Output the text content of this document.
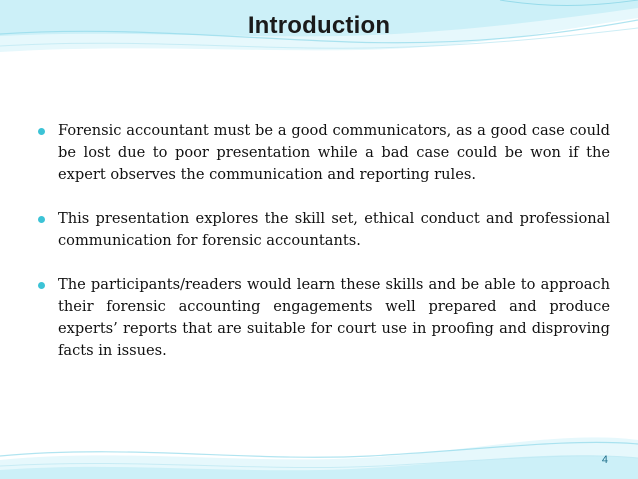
Introduction
Forensic accountant must be a good communicators, as a good case could be lost due to poor presentation while a bad case could be won if the expert observes the communication and reporting rules.
This presentation explores the skill set, ethical conduct and professional communication for forensic accountants.
The participants/readers would learn these skills and be able to approach their forensic accounting engagements well prepared and produce experts’ reports that are suitable for court use in proofing and disproving facts in issues.
4
